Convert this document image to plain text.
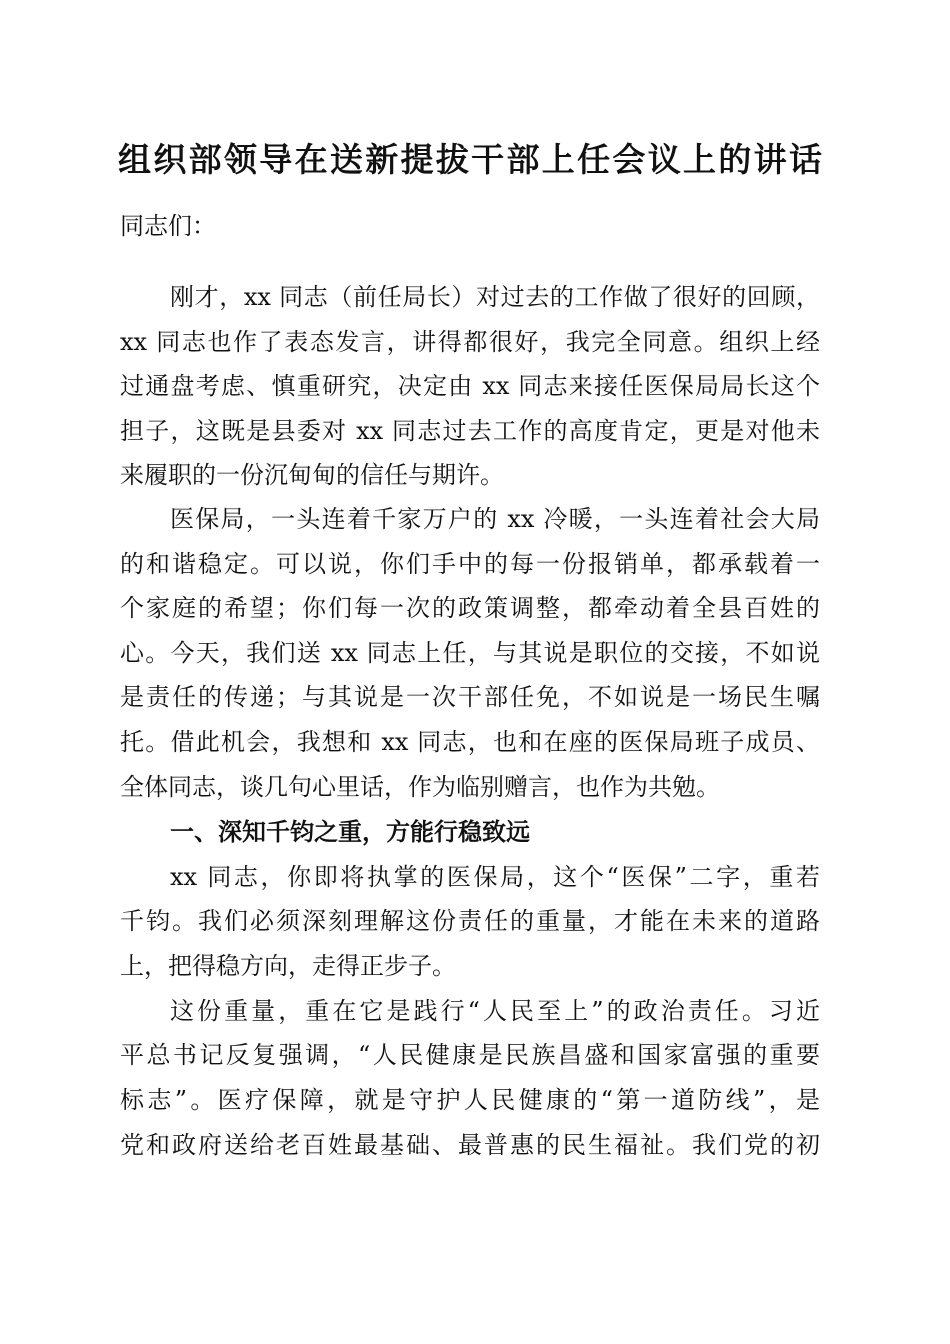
组织部领导在送新提拔干部上任会议上的讲话
同志们：
刚才，xx 同志（前任局长）对过去的工作做了很好的回顾，
xx 同志也作了表态发言，讲得都很好，我完全同意。组织上经
过通盘考虑、慎重研究，决定由 xx 同志来接任医保局局长这个
担子，这既是县委对 xx 同志过去工作的高度肯定，更是对他未
来履职的一份沉甸甸的信任与期许。
医保局，一头连着千家万户的 xx 冷暖，一头连着社会大局
的和谐稳定。可以说，你们手中的每一份报销单，都承载着一
个家庭的希望；你们每一次的政策调整，都牵动着全县百姓的
心。今天，我们送 xx 同志上任，与其说是职位的交接，不如说
是责任的传递；与其说是一次干部任免，不如说是一场民生嘱
托。借此机会，我想和 xx 同志，也和在座的医保局班子成员、
全体同志，谈几句心里话，作为临别赠言，也作为共勉。
一、深知千钧之重，方能行稳致远
xx 同志，你即将执掌的医保局，这个“医保”二字，重若
千钧。我们必须深刻理解这份责任的重量，才能在未来的道路
上，把得稳方向，走得正步子。
这份重量，重在它是践行“人民至上”的政治责任。习近
平总书记反复强调，“人民健康是民族昌盛和国家富强的重要
标志”。医疗保障，就是守护人民健康的“第一道防线”，是
党和政府送给老百姓最基础、最普惠的民生福祉。我们党的初
